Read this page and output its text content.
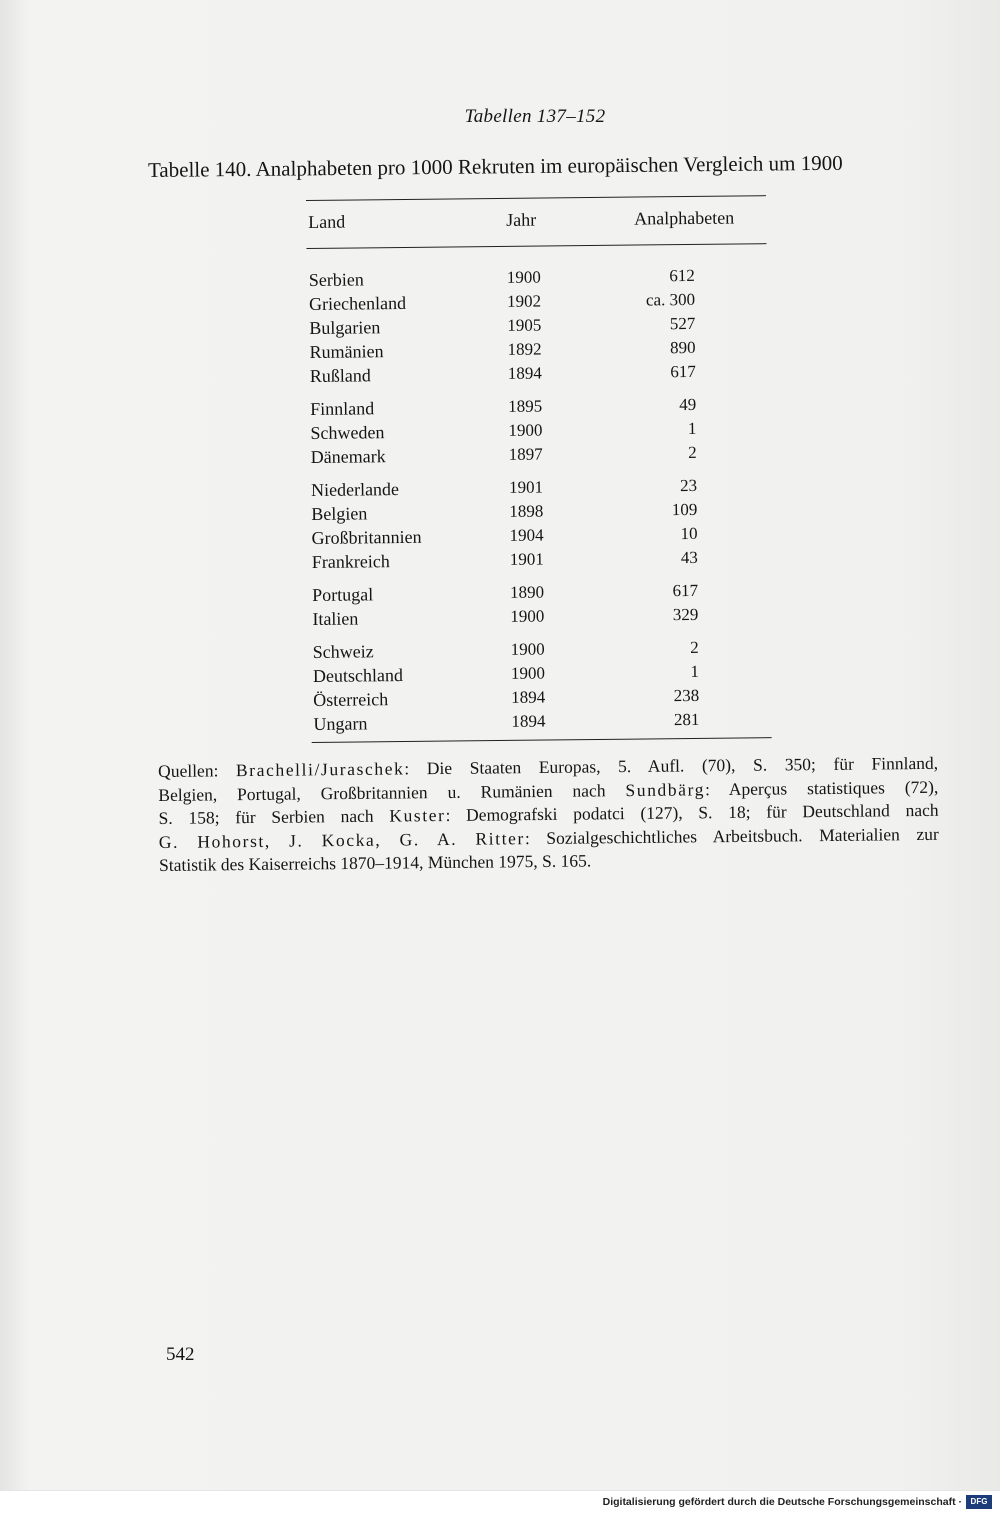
Tabellen 137–152
Tabelle 140. Analphabeten pro 1000 Rekruten im europäischen Vergleich um 1900
Land	Jahr	Analphabeten
Serbien	1900	612
Griechenland	1902	ca. 300
Bulgarien	1905	527
Rumänien	1892	890
Rußland	1894	617
Finnland	1895	49
Schweden	1900	1
Dänemark	1897	2
Niederlande	1901	23
Belgien	1898	109
Großbritannien	1904	10
Frankreich	1901	43
Portugal	1890	617
Italien	1900	329
Schweiz	1900	2
Deutschland	1900	1
Österreich	1894	238
Ungarn	1894	281
Quellen: Brachelli/Juraschek: Die Staaten Europas, 5. Aufl. (70), S. 350; für Finnland,
Belgien, Portugal, Großbritannien u. Rumänien nach Sundbärg: Aperçus statistiques (72),
S. 158; für Serbien nach Kuster: Demografski podatci (127), S. 18; für Deutschland nach
G. Hohorst, J. Kocka, G. A. Ritter: Sozialgeschichtliches Arbeitsbuch. Materialien zur
Statistik des Kaiserreichs 1870–1914, München 1975, S. 165.
542
Digitalisierung gefördert durch die Deutsche Forschungsgemeinschaft ·	DFG
